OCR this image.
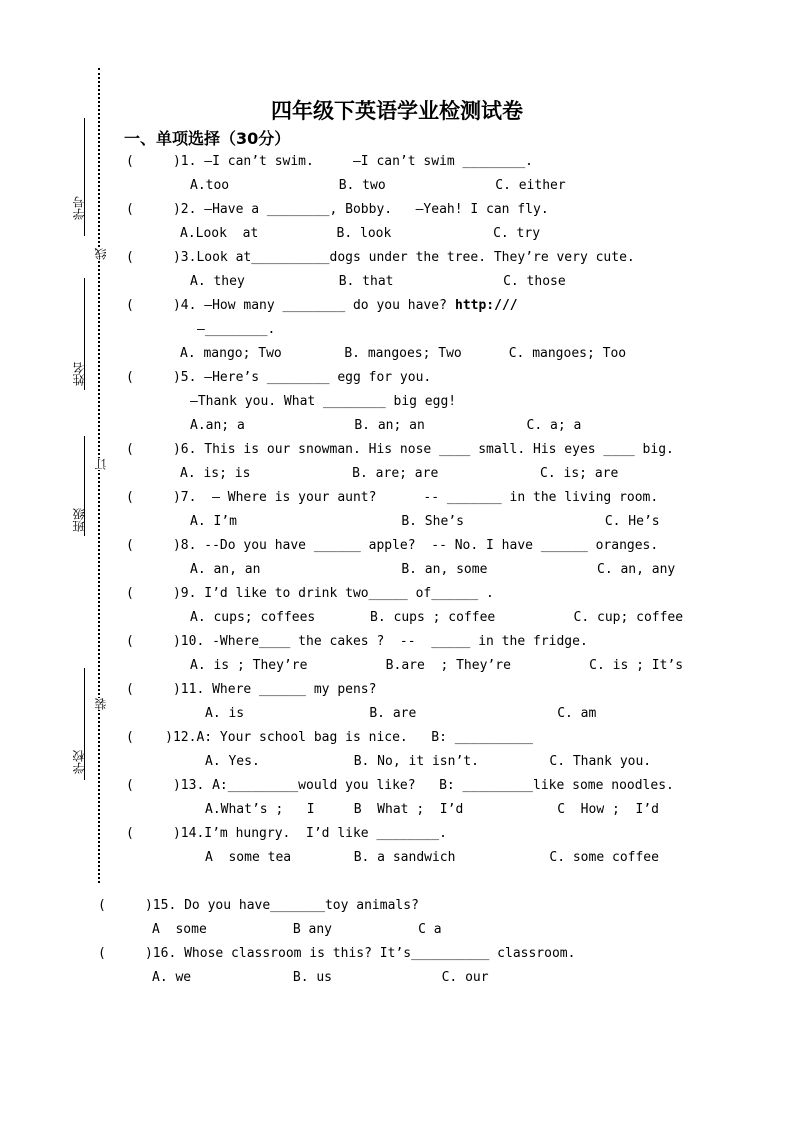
四年级下英语学业检测试卷
一、单项选择（30分）
学号
姓名
班级
学校
线
订
装
(     )1. —I can’t swim.     —I can’t swim ________.
A.too              B. two              C. either
(     )2. —Have a ________, Bobby.   —Yeah! I can fly.
A.Look  at          B. look             C. try
(     )3.Look at__________dogs under the tree. They’re very cute.
A. they            B. that              C. those
(     )4. —How many ________ do you have? http:///
—________.
A. mango; Two        B. mangoes; Two      C. mangoes; Too
(     )5. —Here’s ________ egg for you.
—Thank you. What ________ big egg!
A.an; a              B. an; an             C. a; a
(     )6. This is our snowman. His nose ____ small. His eyes ____ big.
A. is; is             B. are; are             C. is; are
(     )7.  – Where is your aunt?      -- _______ in the living room.
A. I’m                     B. She’s                  C. He’s
(     )8. --Do you have ______ apple?  -- No. I have ______ oranges.
A. an, an                  B. an, some              C. an, any
(     )9. I’d like to drink two_____ of______ .
A. cups; coffees       B. cups ; coffee          C. cup; coffee
(     )10. -Where____ the cakes ?  --  _____ in the fridge.
A. is ; They’re          B.are  ; They’re          C. is ; It’s
(     )11. Where ______ my pens?
A. is                B. are                  C. am
(    )12.A: Your school bag is nice.   B: __________
A. Yes.            B. No, it isn’t.         C. Thank you.
(     )13. A:_________would you like?   B: _________like some noodles.
A.What’s ;   I     B  What ;  I’d            C  How ;  I’d
(     )14.I’m hungry.  I’d like ________.
A  some tea        B. a sandwich            C. some coffee
(     )15. Do you have_______toy animals?
A  some           B any           C a
(     )16. Whose classroom is this? It’s__________ classroom.
A. we             B. us              C. our
